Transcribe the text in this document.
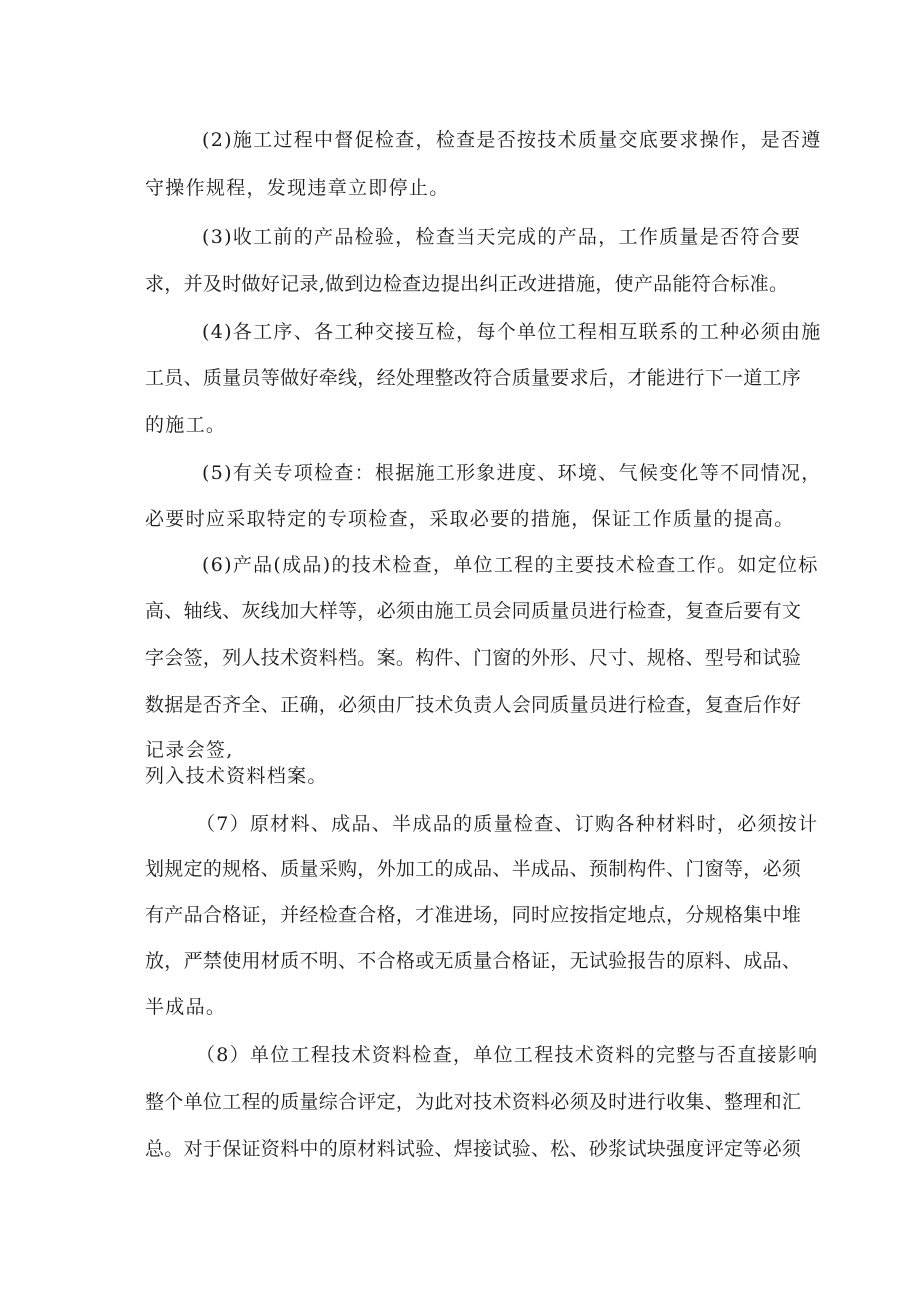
(2)施工过程中督促检查，检查是否按技术质量交底要求操作，是否遵
守操作规程，发现违章立即停止。
(3)收工前的产品检验，检查当天完成的产品，工作质量是否符合要
求，并及时做好记录,做到边检查边提出纠正改进措施，使产品能符合标准。
(4)各工序、各工种交接互检，每个单位工程相互联系的工种必须由施
工员、质量员等做好牵线，经处理整改符合质量要求后，才能进行下一道工序
的施工。
(5)有关专项检查：根据施工形象进度、环境、气候变化等不同情况，
必要时应采取特定的专项检查，采取必要的措施，保证工作质量的提高。
(6)产品(成品)的技术检查，单位工程的主要技术检查工作。如定位标
高、轴线、灰线加大样等，必须由施工员会同质量员进行检查，复查后要有文
字会签，列人技术资料档。案。构件、门窗的外形、尺寸、规格、型号和试验
数据是否齐全、正确，必须由厂技术负责人会同质量员进行检查，复查后作好
记录会签,
列入技术资料档案。
（7）原材料、成品、半成品的质量检查、订购各种材料时，必须按计
划规定的规格、质量采购，外加工的成品、半成品、预制构件、门窗等，必须
有产品合格证，并经检查合格，才准进场，同时应按指定地点，分规格集中堆
放，严禁使用材质不明、不合格或无质量合格证，无试验报告的原料、成品、
半成品。
（8）单位工程技术资料检查，单位工程技术资料的完整与否直接影响
整个单位工程的质量综合评定，为此对技术资料必须及时进行收集、整理和汇
总。对于保证资料中的原材料试验、焊接试验、松、砂浆试块强度评定等必须
